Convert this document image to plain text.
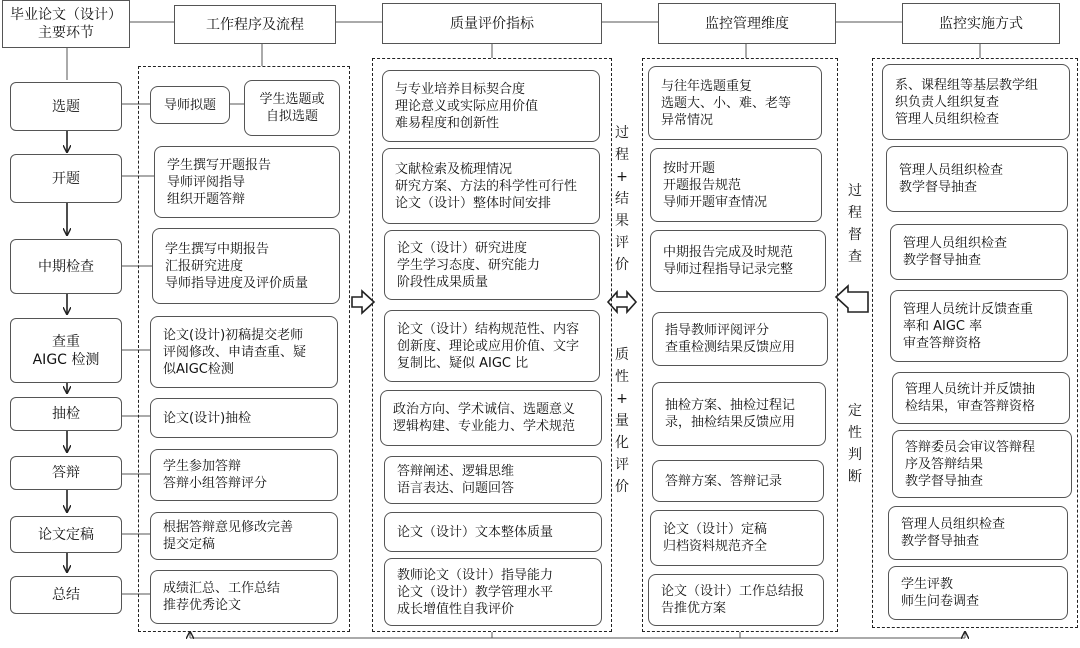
毕业论文（设计）
主要环节
工作程序及流程	质量评价指标	监控管理维度	监控实施方式
选题
开题
中期检查
查重
AIGC 检测
抽检
答辩
论文定稿
总结
导师拟题	学生选题或
自拟选题
学生撰写开题报告
导师评阅指导
组织开题答辩
学生撰写中期报告
汇报研究进度
导师指导进度及评价质量
论文(设计)初稿提交老师
评阅修改、申请查重、疑
似AIGC检测
论文(设计)抽检
学生参加答辩
答辩小组答辩评分
根据答辩意见修改完善
提交定稿
成绩汇总、工作总结
推荐优秀论文
与专业培养目标契合度
理论意义或实际应用价值
难易程度和创新性
文献检索及梳理情况
研究方案、方法的科学性可行性
论文（设计）整体时间安排
论文（设计）研究进度
学生学习态度、研究能力
阶段性成果质量
论文（设计）结构规范性、内容
创新度、理论或应用价值、文字
复制比、疑似 AIGC 比
政治方向、学术诚信、选题意义
逻辑构建、专业能力、学术规范
答辩阐述、逻辑思维
语言表达、问题回答
论文（设计）文本整体质量
教师论文（设计）指导能力
论文（设计）教学管理水平
成长增值性自我评价
过
程+
结
果
评
价
质
性+
量
化
评
价
过
程
督
查
定
性
判
断
与往年选题重复
选题大、小、难、老等
异常情况
按时开题
开题报告规范
导师开题审查情况
中期报告完成及时规范
导师过程指导记录完整
指导教师评阅评分
查重检测结果反馈应用
抽检方案、抽检过程记
录，抽检结果反馈应用
答辩方案、答辩记录
论文（设计）定稿
归档资料规范齐全
论文（设计）工作总结报
告推优方案
系、课程组等基层教学组
织负责人组织复查
管理人员组织检查
管理人员组织检查
教学督导抽查
管理人员组织检查
教学督导抽查
管理人员统计反馈查重
率和 AIGC 率
审查答辩资格
管理人员统计并反馈抽
检结果，审查答辩资格
答辩委员会审议答辩程
序及答辩结果
教学督导抽查
管理人员组织检查
教学督导抽查
学生评教
师生问卷调查
